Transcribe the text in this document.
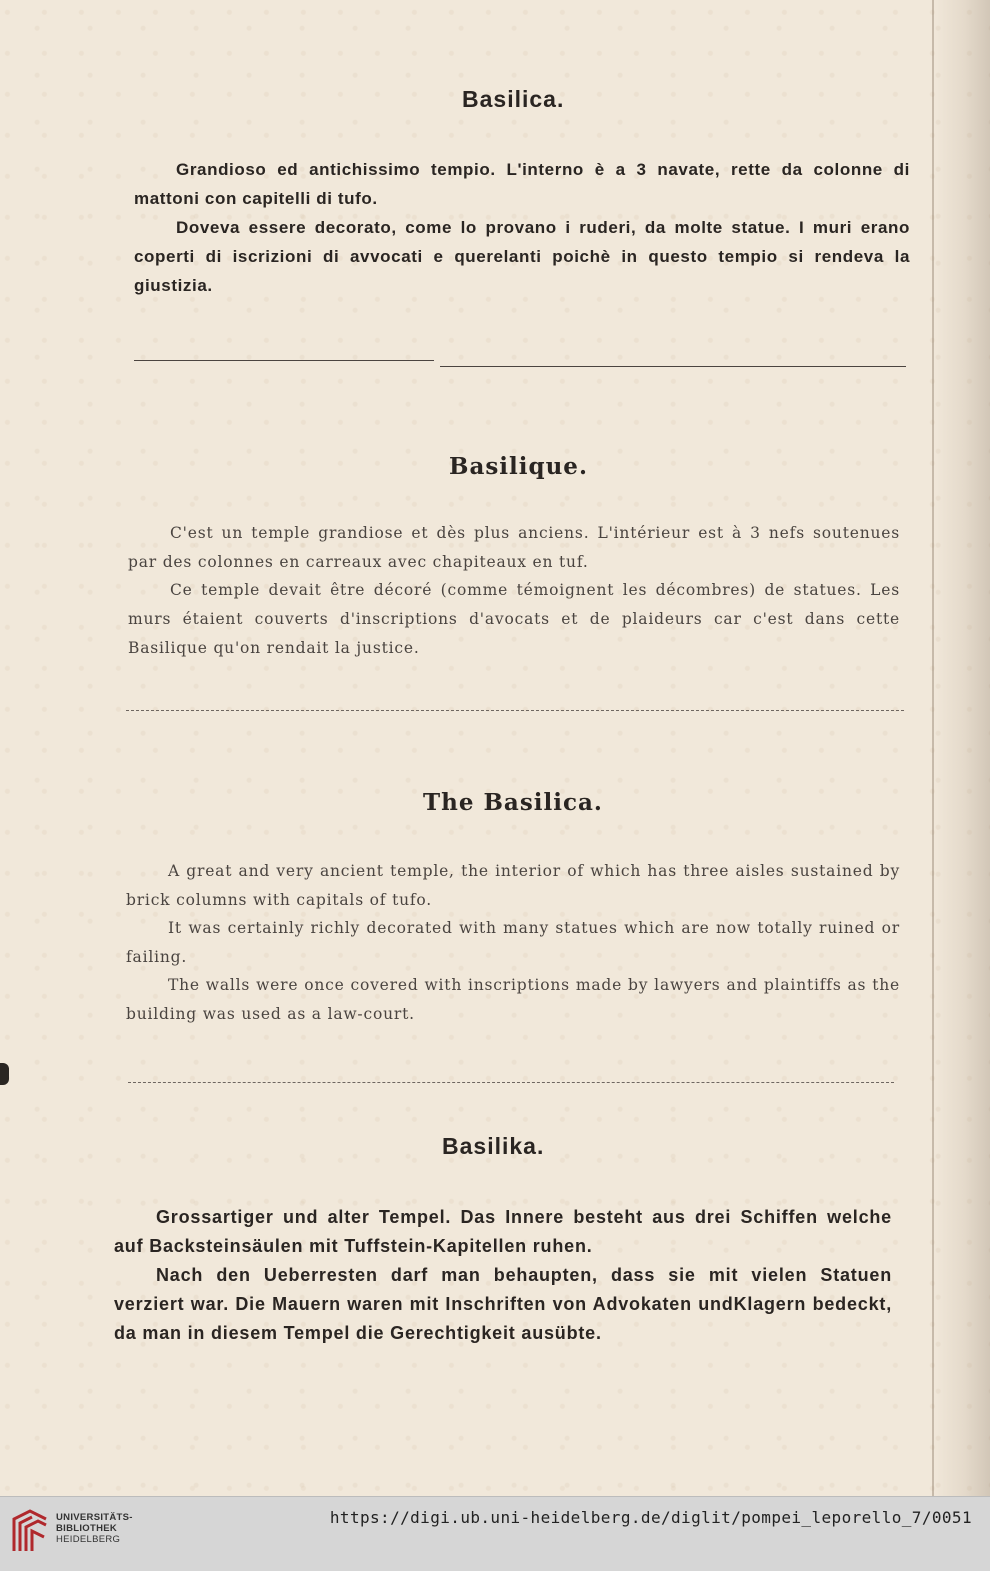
Basilica.

Grandioso ed antichissimo tempio. L'interno è a 3 navate, rette da colonne di mattoni con capitelli di tufo.

Doveva essere decorato, come lo provano i ruderi, da molte statue. I muri erano coperti di iscrizioni di avvocati e querelanti poichè in questo tempio si rendeva la giustizia.

Basilique.

C'est un temple grandiose et dès plus anciens. L'intérieur est à 3 nefs soutenues par des colonnes en carreaux avec chapiteaux en tuf.

Ce temple devait être décoré (comme témoignent les décombres) de statues. Les murs étaient couverts d'inscriptions d'avocats et de plaideurs car c'est dans cette Basilique qu'on rendait la justice.

The Basilica.

A great and very ancient temple, the interior of which has three aisles sustained by brick columns with capitals of tufo.

It was certainly richly decorated with many statues which are now totally ruined or failing.

The walls were once covered with inscriptions made by lawyers and plaintiffs as the building was used as a law-court.

Basilika.

Grossartiger und alter Tempel. Das Innere besteht aus drei Schiffen welche auf Backsteinsäulen mit Tuffstein-Kapitellen ruhen.

Nach den Ueberresten darf man behaupten, dass sie mit vielen Statuen verziert war. Die Mauern waren mit Inschriften von Advokaten undKlagern bedeckt, da man in diesem Tempel die Gerechtigkeit ausübte.

UNIVERSITÄTS-
BIBLIOTHEK
HEIDELBERG
https://digi.ub.uni-heidelberg.de/diglit/pompei_leporello_7/0051
